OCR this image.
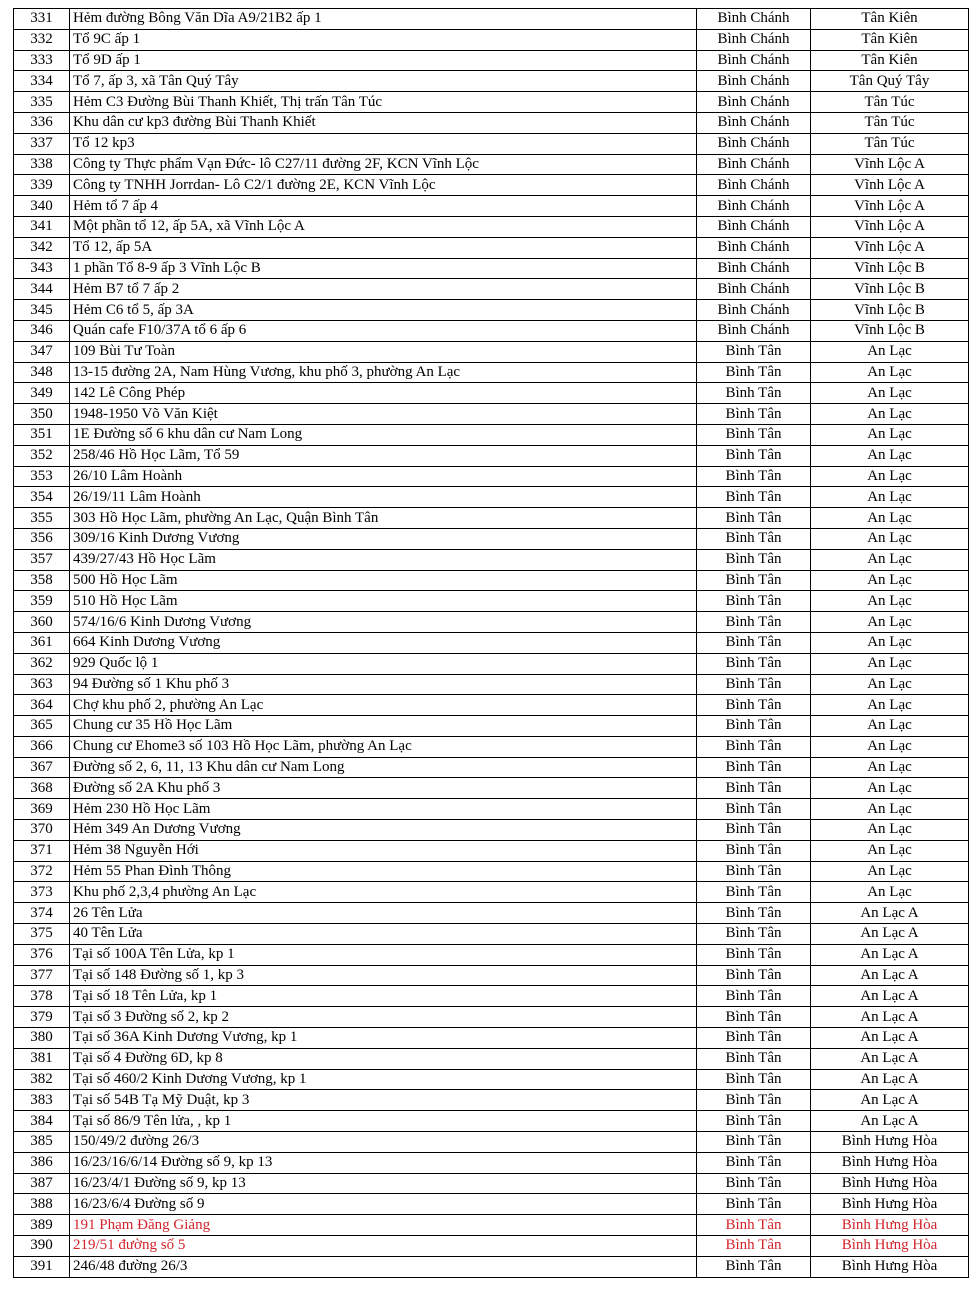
331	Hẻm đường Bông Văn Dĩa A9/21B2 ấp 1	Bình Chánh	Tân Kiên
332	Tổ 9C ấp 1	Bình Chánh	Tân Kiên
333	Tổ 9D ấp 1	Bình Chánh	Tân Kiên
334	Tổ 7, ấp 3, xã Tân Quý Tây	Bình Chánh	Tân Quý Tây
335	Hẻm C3 Đường Bùi Thanh Khiết, Thị trấn Tân Túc	Bình Chánh	Tân Túc
336	Khu dân cư kp3 đường Bùi Thanh Khiết	Bình Chánh	Tân Túc
337	Tổ 12 kp3	Bình Chánh	Tân Túc
338	Công ty Thực phẩm Vạn Đức- lô C27/11 đường 2F, KCN Vĩnh Lộc	Bình Chánh	Vĩnh Lộc A
339	Công ty TNHH Jorrdan- Lô C2/1 đường 2E, KCN Vĩnh Lộc	Bình Chánh	Vĩnh Lộc A
340	Hẻm tổ 7 ấp 4	Bình Chánh	Vĩnh Lộc A
341	Một phần tổ 12, ấp 5A, xã Vĩnh Lộc A	Bình Chánh	Vĩnh Lộc A
342	Tổ 12, ấp 5A	Bình Chánh	Vĩnh Lộc A
343	1 phần Tổ 8-9 ấp 3 Vĩnh Lộc B	Bình Chánh	Vĩnh Lộc B
344	Hẻm B7 tổ 7 ấp 2	Bình Chánh	Vĩnh Lộc B
345	Hẻm C6 tổ 5, ấp 3A	Bình Chánh	Vĩnh Lộc B
346	Quán cafe F10/37A tổ 6 ấp 6	Bình Chánh	Vĩnh Lộc B
347	109 Bùi Tư Toàn	Bình Tân	An Lạc
348	13-15 đường 2A, Nam Hùng Vương, khu phố 3, phường An Lạc	Bình Tân	An Lạc
349	142 Lê Công Phép	Bình Tân	An Lạc
350	1948-1950 Võ Văn Kiệt	Bình Tân	An Lạc
351	1E Đường số 6 khu dân cư Nam Long	Bình Tân	An Lạc
352	258/46 Hồ Học Lãm, Tổ 59	Bình Tân	An Lạc
353	26/10 Lâm Hoành	Bình Tân	An Lạc
354	26/19/11 Lâm Hoành	Bình Tân	An Lạc
355	303 Hồ Học Lãm, phường An Lạc, Quận Bình Tân	Bình Tân	An Lạc
356	309/16 Kinh Dương Vương	Bình Tân	An Lạc
357	439/27/43 Hồ Học Lãm	Bình Tân	An Lạc
358	500 Hồ Học Lãm	Bình Tân	An Lạc
359	510 Hồ Học Lãm	Bình Tân	An Lạc
360	574/16/6 Kinh Dương Vương	Bình Tân	An Lạc
361	664 Kinh Dương Vương	Bình Tân	An Lạc
362	929 Quốc lộ 1	Bình Tân	An Lạc
363	94 Đường số 1 Khu phố 3	Bình Tân	An Lạc
364	Chợ khu phố 2, phường An Lạc	Bình Tân	An Lạc
365	Chung cư 35 Hồ Học Lãm	Bình Tân	An Lạc
366	Chung cư Ehome3 số 103 Hồ Học Lãm, phường An Lạc	Bình Tân	An Lạc
367	Đường số 2, 6, 11, 13 Khu dân cư Nam Long	Bình Tân	An Lạc
368	Đường số 2A Khu phố 3	Bình Tân	An Lạc
369	Hẻm 230 Hồ Học Lãm	Bình Tân	An Lạc
370	Hẻm 349 An Dương Vương	Bình Tân	An Lạc
371	Hẻm 38 Nguyễn Hới	Bình Tân	An Lạc
372	Hẻm 55 Phan Đình Thông	Bình Tân	An Lạc
373	Khu phố 2,3,4 phường An Lạc	Bình Tân	An Lạc
374	26 Tên Lửa	Bình Tân	An Lạc A
375	40 Tên Lửa	Bình Tân	An Lạc A
376	Tại số 100A Tên Lửa, kp 1	Bình Tân	An Lạc A
377	Tại số 148 Đường số 1, kp 3	Bình Tân	An Lạc A
378	Tại số 18 Tên Lửa, kp 1	Bình Tân	An Lạc A
379	Tại số 3 Đường số 2, kp 2	Bình Tân	An Lạc A
380	Tại số 36A Kinh Dương Vương, kp 1	Bình Tân	An Lạc A
381	Tại số 4 Đường 6D, kp 8	Bình Tân	An Lạc A
382	Tại số 460/2 Kinh Dương Vương, kp 1	Bình Tân	An Lạc A
383	Tại số 54B Tạ Mỹ Duật, kp 3	Bình Tân	An Lạc A
384	Tại số 86/9 Tên lửa, , kp 1	Bình Tân	An Lạc A
385	150/49/2 đường 26/3	Bình Tân	Bình Hưng Hòa
386	16/23/16/6/14 Đường số 9, kp 13	Bình Tân	Bình Hưng Hòa
387	16/23/4/1 Đường số 9, kp 13	Bình Tân	Bình Hưng Hòa
388	16/23/6/4 Đường số 9	Bình Tân	Bình Hưng Hòa
389	191 Phạm Đăng Giảng	Bình Tân	Bình Hưng Hòa
390	219/51 đường số 5	Bình Tân	Bình Hưng Hòa
391	246/48 đường 26/3	Bình Tân	Bình Hưng Hòa
